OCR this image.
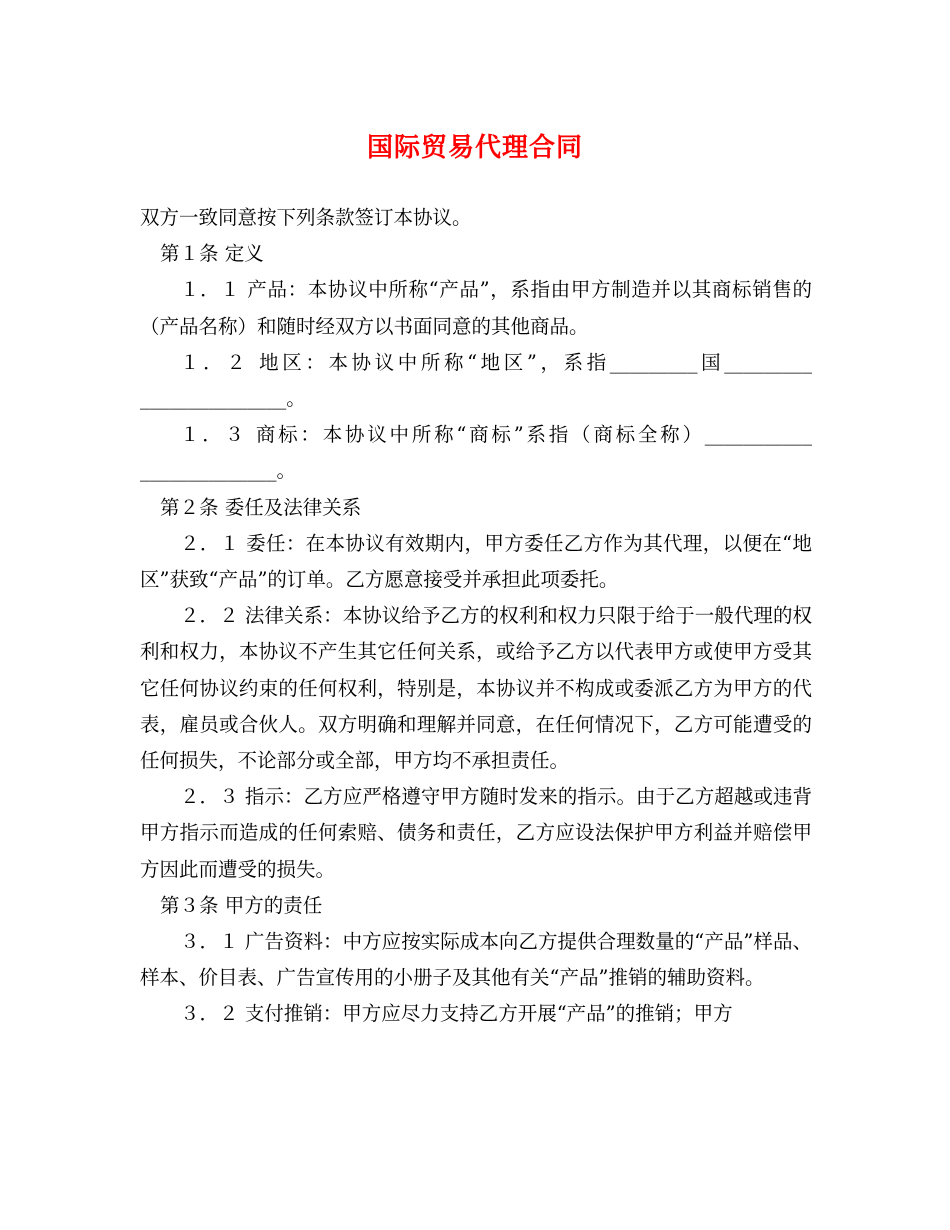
国际贸易代理合同

双方一致同意按下列条款签订本协议。

第１条 定义

１．１ 产品：本协议中所称“产品”，系指由甲方制造并以其商标销售的（产品名称）和随时经双方以书面同意的其他商品。

１．２ 地区：本协议中所称“地区”，系指_________国_________ _______________。

１．３ 商标：本协议中所称“商标”系指（商标全称）___________ ______________。

第２条 委任及法律关系

２．１ 委任：在本协议有效期内，甲方委任乙方作为其代理，以便在“地区”获致“产品”的订单。乙方愿意接受并承担此项委托。

２．２ 法律关系：本协议给予乙方的权利和权力只限于给于一般代理的权利和权力，本协议不产生其它任何关系，或给予乙方以代表甲方或使甲方受其它任何协议约束的任何权利，特别是，本协议并不构成或委派乙方为甲方的代表，雇员或合伙人。双方明确和理解并同意，在任何情况下，乙方可能遭受的任何损失，不论部分或全部，甲方均不承担责任。

２．３ 指示：乙方应严格遵守甲方随时发来的指示。由于乙方超越或违背甲方指示而造成的任何索赔、债务和责任，乙方应设法保护甲方利益并赔偿甲方因此而遭受的损失。

第３条 甲方的责任

３．１ 广告资料：中方应按实际成本向乙方提供合理数量的“产品”样品、样本、价目表、广告宣传用的小册子及其他有关“产品”推销的辅助资料。

３．２ 支付推销：甲方应尽力支持乙方开展“产品”的推销；甲方
